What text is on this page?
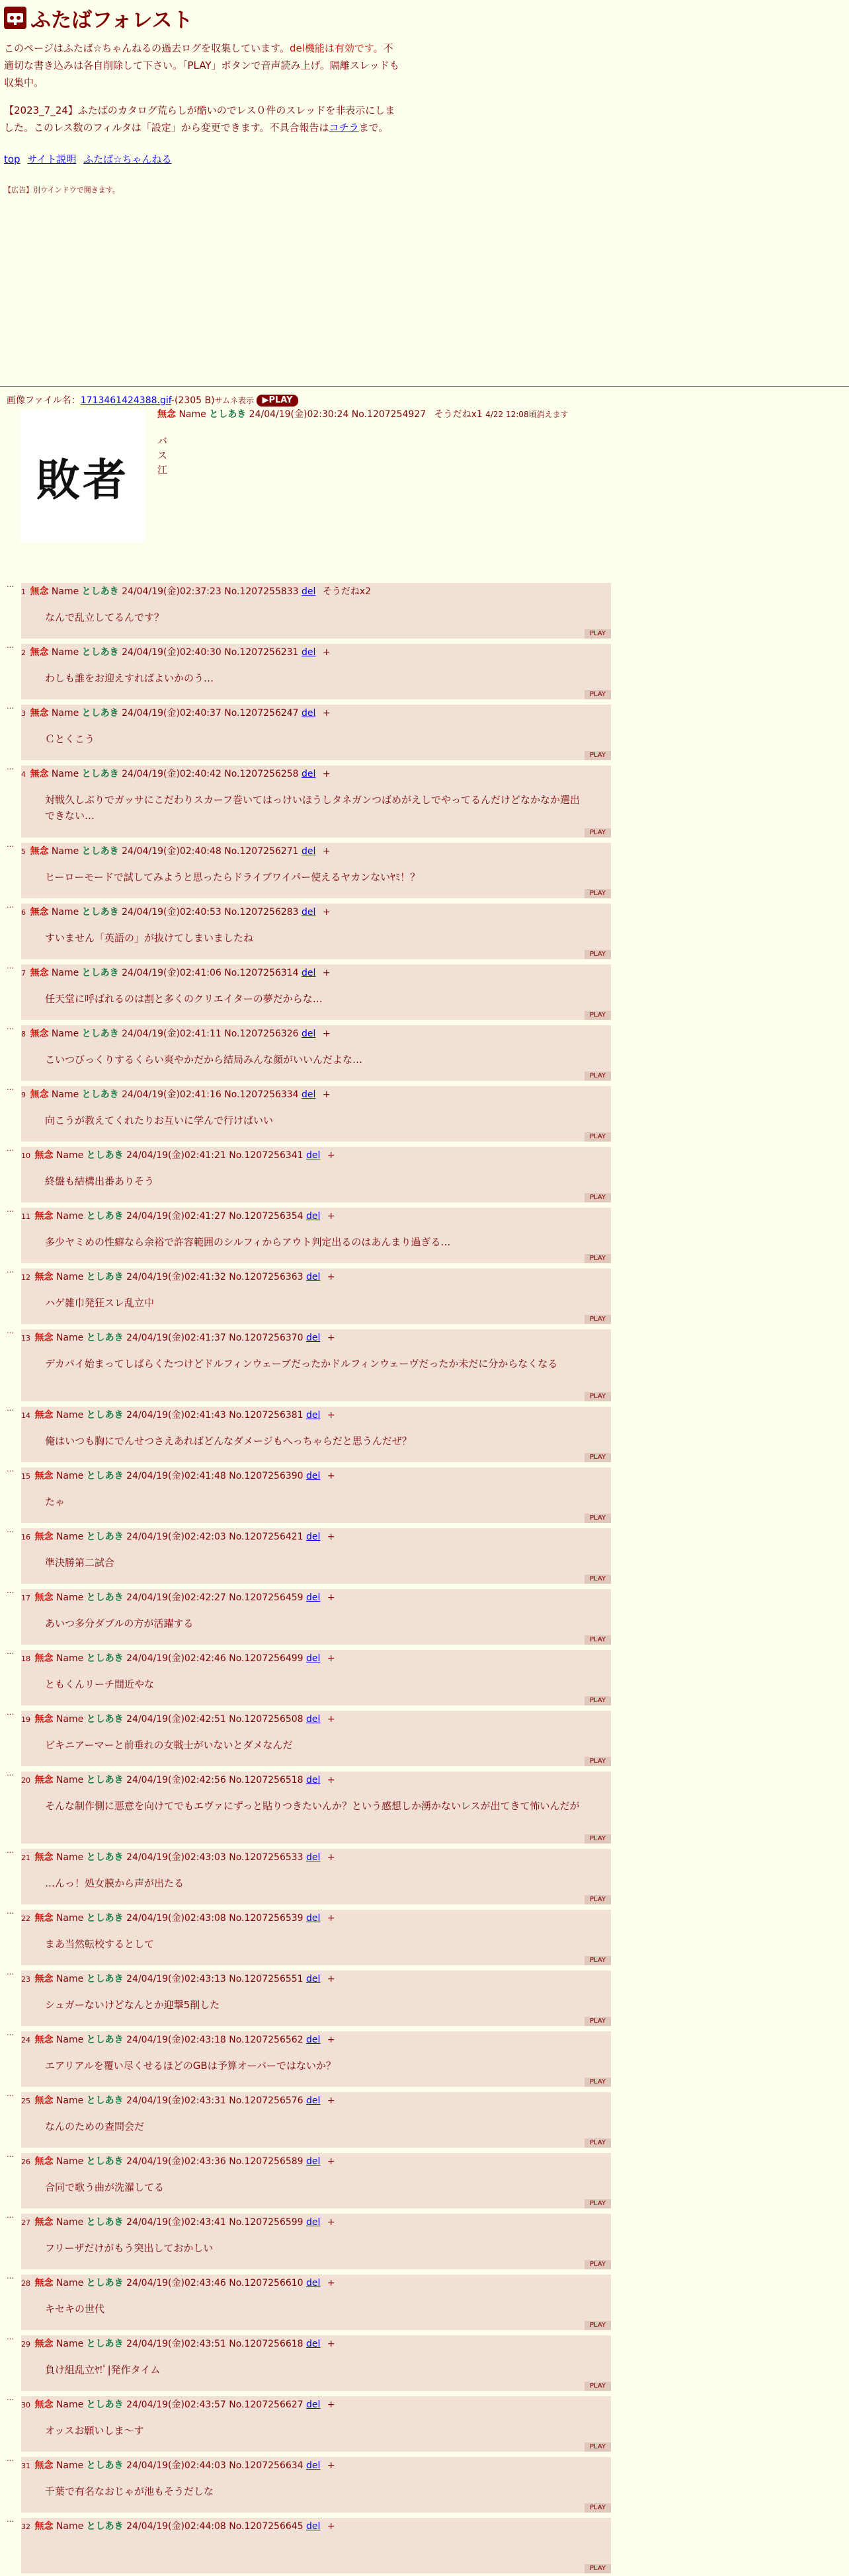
ふたばフォレスト

このページはふたば☆ちゃんねるの過去ログを収集しています。del機能は有効です。不適切な書き込みは各自削除して下さい。「PLAY」ボタンで音声読み上げ。隔離スレッドも収集中。

【2023_7_24】ふたばのカタログ荒らしが酷いのでレス０件のスレッドを非表示にしました。このレス数のフィルタは「設定」から変更できます。不具合報告はコチラまで。

top サイト説明 ふたば☆ちゃんねる
【広告】別ウインドウで開きます。
画像ファイル名：1713461424388.gif-(2305 B)サムネ表示 ▶PLAY
敗者
無念 Name としあき 24/04/19(金)02:30:24 No.1207254927 そうだねx1 4/22 12:08頃消えます
バ
ス
江
…
1 無念 Name としあき 24/04/19(金)02:37:23 No.1207255833 del そうだねx2
なんで乱立してるんです？
PLAY
…
2 無念 Name としあき 24/04/19(金)02:40:30 No.1207256231 del +
わしも誰をお迎えすればよいかのう…
PLAY
…
3 無念 Name としあき 24/04/19(金)02:40:37 No.1207256247 del +
Ｃとくこう
PLAY
…
4 無念 Name としあき 24/04/19(金)02:40:42 No.1207256258 del +
対戦久しぶりでガッサにこだわりスカーフ巻いてはっけいほうしタネガンつばめがえしでやってるんだけどなかなか選出できない…
PLAY
…
5 無念 Name としあき 24/04/19(金)02:40:48 No.1207256271 del +
ヒーローモードで試してみようと思ったらドライブワイパー使えるヤカンないﾔﾐ！？
PLAY
…
6 無念 Name としあき 24/04/19(金)02:40:53 No.1207256283 del +
すいません「英語の」が抜けてしまいましたね
PLAY
…
7 無念 Name としあき 24/04/19(金)02:41:06 No.1207256314 del +
任天堂に呼ばれるのは割と多くのクリエイターの夢だからな…
PLAY
…
8 無念 Name としあき 24/04/19(金)02:41:11 No.1207256326 del +
こいつびっくりするくらい爽やかだから結局みんな顔がいいんだよな…
PLAY
…
9 無念 Name としあき 24/04/19(金)02:41:16 No.1207256334 del +
向こうが教えてくれたりお互いに学んで行けばいい
PLAY
…
10 無念 Name としあき 24/04/19(金)02:41:21 No.1207256341 del +
終盤も結構出番ありそう
PLAY
…
11 無念 Name としあき 24/04/19(金)02:41:27 No.1207256354 del +
多少ヤミめの性癖なら余裕で許容範囲のシルフィからアウト判定出るのはあんまり過ぎる…
PLAY
…
12 無念 Name としあき 24/04/19(金)02:41:32 No.1207256363 del +
ハゲ雑巾発狂スレ乱立中
PLAY
…
13 無念 Name としあき 24/04/19(金)02:41:37 No.1207256370 del +
デカパイ始まってしばらくたつけどドルフィンウェーブだったかドルフィンウェーヴだったか未だに分からなくなる
PLAY
…
14 無念 Name としあき 24/04/19(金)02:41:43 No.1207256381 del +
俺はいつも胸にでんせつさえあればどんなダメージもへっちゃらだと思うんだぜ？
PLAY
…
15 無念 Name としあき 24/04/19(金)02:41:48 No.1207256390 del +
たゃ
PLAY
…
16 無念 Name としあき 24/04/19(金)02:42:03 No.1207256421 del +
準決勝第二試合
PLAY
…
17 無念 Name としあき 24/04/19(金)02:42:27 No.1207256459 del +
あいつ多分ダブルの方が活躍する
PLAY
…
18 無念 Name としあき 24/04/19(金)02:42:46 No.1207256499 del +
ともくんリーチ間近やな
PLAY
…
19 無念 Name としあき 24/04/19(金)02:42:51 No.1207256508 del +
ビキニアーマーと前垂れの女戦士がいないとダメなんだ
PLAY
…
20 無念 Name としあき 24/04/19(金)02:42:56 No.1207256518 del +
そんな制作側に悪意を向けてでもエヴァにずっと貼りつきたいんか？という感想しか湧かないレスが出てきて怖いんだが
PLAY
…
21 無念 Name としあき 24/04/19(金)02:43:03 No.1207256533 del +
…んっ！処女膜から声が出たる
PLAY
…
22 無念 Name としあき 24/04/19(金)02:43:08 No.1207256539 del +
まあ当然転校するとして
PLAY
…
23 無念 Name としあき 24/04/19(金)02:43:13 No.1207256551 del +
シュガーないけどなんとか迎撃5削した
PLAY
…
24 無念 Name としあき 24/04/19(金)02:43:18 No.1207256562 del +
エアリアルを覆い尽くせるほどのGBは予算オーバーではないか？
PLAY
…
25 無念 Name としあき 24/04/19(金)02:43:31 No.1207256576 del +
なんのための查問会だ
PLAY
…
26 無念 Name としあき 24/04/19(金)02:43:36 No.1207256589 del +
合同で歌う曲が洗濯してる
PLAY
…
27 無念 Name としあき 24/04/19(金)02:43:41 No.1207256599 del +
フリーザだけがもう突出しておかしい
PLAY
…
28 無念 Name としあき 24/04/19(金)02:43:46 No.1207256610 del +
キセキの世代
PLAY
…
29 無念 Name としあき 24/04/19(金)02:43:51 No.1207256618 del +
負け組乱立ﾔ!ﾟ|発作タイム
PLAY
…
30 無念 Name としあき 24/04/19(金)02:43:57 No.1207256627 del +
オッスお願いしま～す
PLAY
…
31 無念 Name としあき 24/04/19(金)02:44:03 No.1207256634 del +
千葉で有名なおじゃが池もそうだしな
PLAY
…
32 無念 Name としあき 24/04/19(金)02:44:08 No.1207256645 del +
PLAY
